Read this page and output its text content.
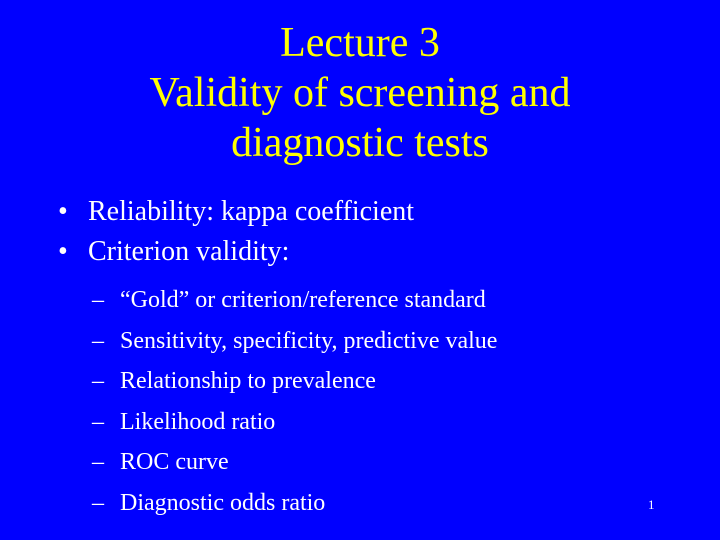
Lecture 3
Validity of screening and
diagnostic tests
• Reliability: kappa coefficient
• Criterion validity:
– “Gold” or criterion/reference standard
– Sensitivity, specificity, predictive value
– Relationship to prevalence
– Likelihood ratio
– ROC curve
– Diagnostic odds ratio	1
